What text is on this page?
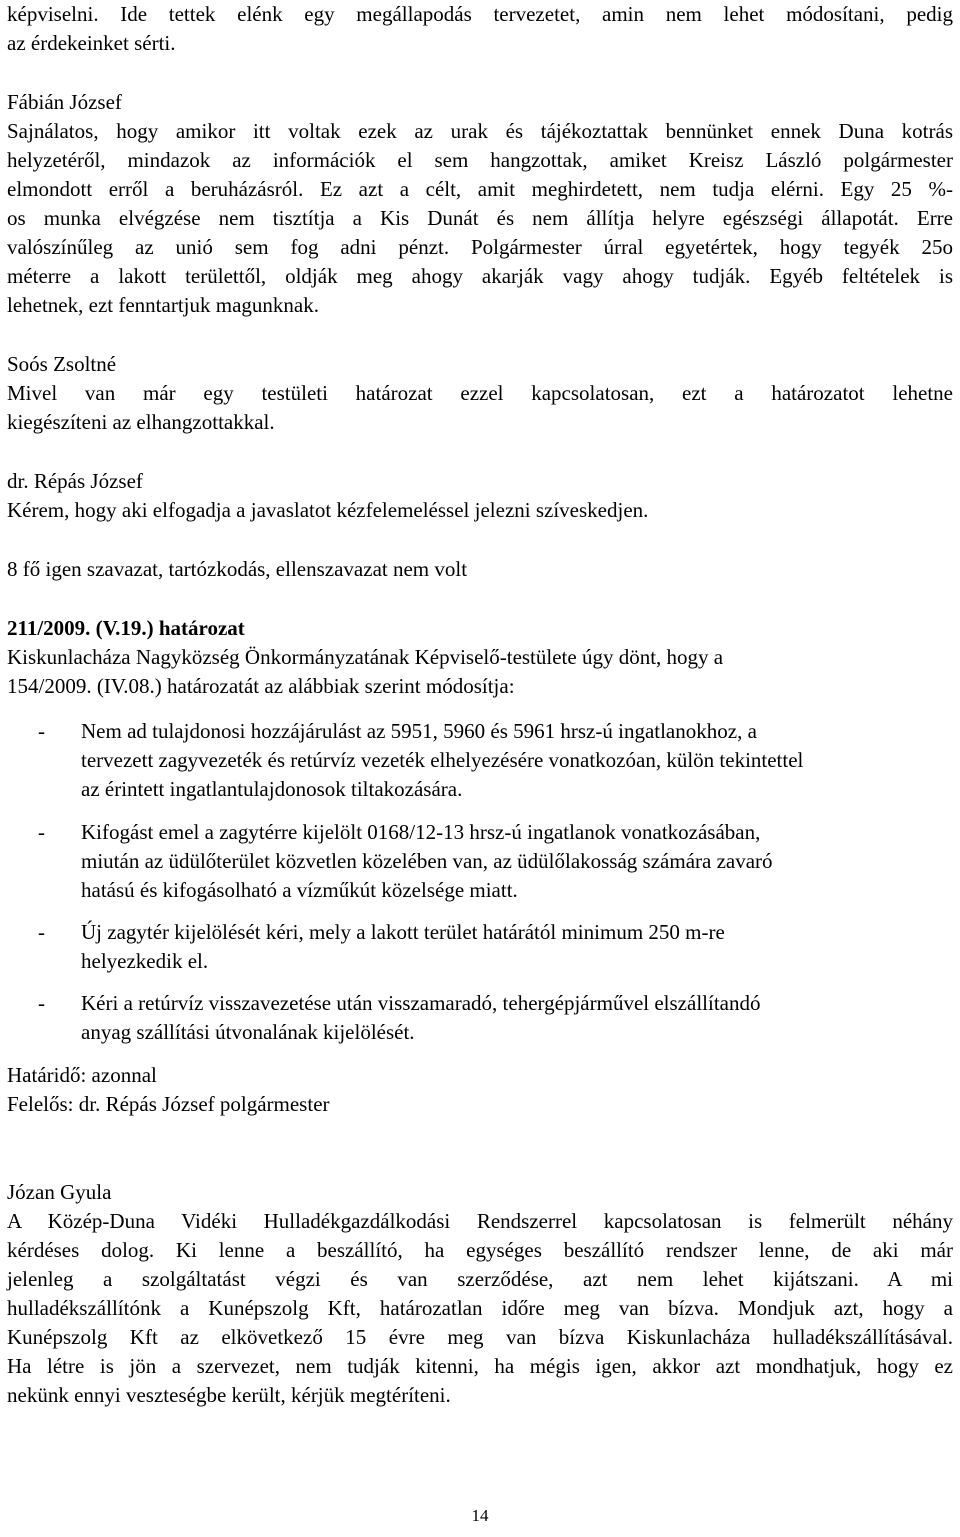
képviselni. Ide tettek elénk egy megállapodás tervezetet, amin nem lehet módosítani, pedig
az érdekeinket sérti.
Fábián József
Sajnálatos, hogy amikor itt voltak ezek az urak és tájékoztattak bennünket ennek Duna kotrás
helyzetéről, mindazok az információk el sem hangzottak, amiket Kreisz László polgármester
elmondott erről a beruházásról. Ez azt a célt, amit meghirdetett, nem tudja elérni. Egy 25 %-
os munka elvégzése nem tisztítja a Kis Dunát és nem állítja helyre egészségi állapotát. Erre
valószínűleg az unió sem fog adni pénzt. Polgármester úrral egyetértek, hogy tegyék 25o
méterre a lakott területtől, oldják meg ahogy akarják vagy ahogy tudják. Egyéb feltételek is
lehetnek, ezt fenntartjuk magunknak.
Soós Zsoltné
Mivel van már egy testületi határozat ezzel kapcsolatosan, ezt a határozatot lehetne
kiegészíteni az elhangzottakkal.
dr. Répás József
Kérem, hogy aki elfogadja a javaslatot kézfelemeléssel jelezni szíveskedjen.
8 fő igen szavazat, tartózkodás, ellenszavazat nem volt
211/2009. (V.19.) határozat
Kiskunlacháza Nagyközség Önkormányzatának Képviselő-testülete úgy dönt, hogy a
154/2009. (IV.08.) határozatát az alábbiak szerint módosítja:
- Nem ad tulajdonosi hozzájárulást az 5951, 5960 és 5961 hrsz-ú ingatlanokhoz, a
tervezett zagyvezeték és retúrvíz vezeték elhelyezésére vonatkozóan, külön tekintettel
az érintett ingatlantulajdonosok tiltakozására.
- Kifogást emel a zagytérre kijelölt 0168/12-13 hrsz-ú ingatlanok vonatkozásában,
miután az üdülőterület közvetlen közelében van, az üdülőlakosság számára zavaró
hatású és kifogásolható a vízműkút közelsége miatt.
- Új zagytér kijelölését kéri, mely a lakott terület határától minimum 250 m-re
helyezkedik el.
- Kéri a retúrvíz visszavezetése után visszamaradó, tehergépjárművel elszállítandó
anyag szállítási útvonalának kijelölését.
Határidő: azonnal
Felelős: dr. Répás József polgármester
Józan Gyula
A Közép-Duna Vidéki Hulladékgazdálkodási Rendszerrel kapcsolatosan is felmerült néhány
kérdéses dolog. Ki lenne a beszállító, ha egységes beszállító rendszer lenne, de aki már
jelenleg a szolgáltatást végzi és van szerződése, azt nem lehet kijátszani. A mi
hulladékszállítónk a Kunépszolg Kft, határozatlan időre meg van bízva. Mondjuk azt, hogy a
Kunépszolg Kft az elkövetkező 15 évre meg van bízva Kiskunlacháza hulladékszállításával.
Ha létre is jön a szervezet, nem tudják kitenni, ha mégis igen, akkor azt mondhatjuk, hogy ez
nekünk ennyi veszteségbe került, kérjük megtéríteni.
14
